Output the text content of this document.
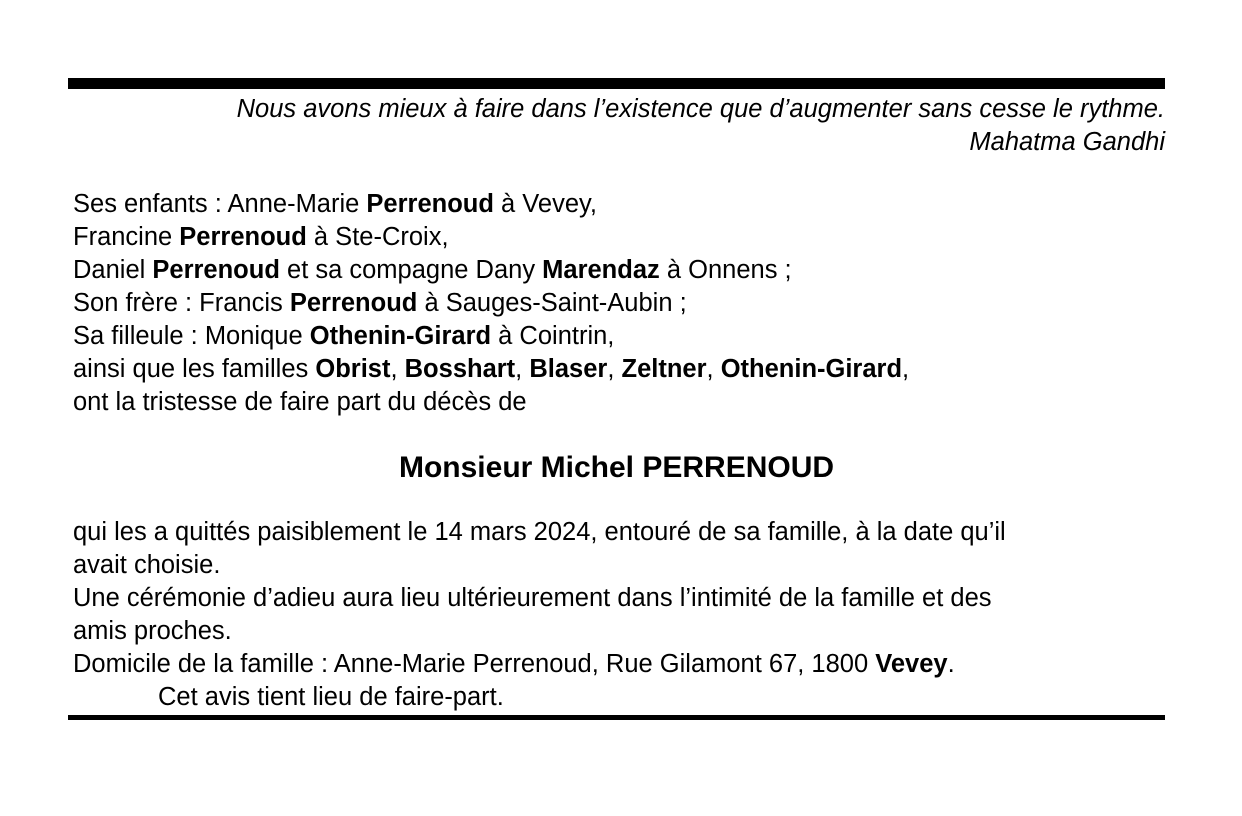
Nous avons mieux à faire dans l’existence que d’augmenter sans cesse le rythme.
Mahatma Gandhi
Ses enfants : Anne-Marie Perrenoud à Vevey,
Francine Perrenoud à Ste-Croix,
Daniel Perrenoud et sa compagne Dany Marendaz à Onnens ;
Son frère : Francis Perrenoud à Sauges-Saint-Aubin ;
Sa filleule : Monique Othenin-Girard à Cointrin,
ainsi que les familles Obrist, Bosshart, Blaser, Zeltner, Othenin-Girard,
ont la tristesse de faire part du décès de
Monsieur Michel PERRENOUD
qui les a quittés paisiblement le 14 mars 2024, entouré de sa famille, à la date qu’il
avait choisie.
Une cérémonie d’adieu aura lieu ultérieurement dans l’intimité de la famille et des
amis proches.
Domicile de la famille : Anne-Marie Perrenoud, Rue Gilamont 67, 1800 Vevey.
Cet avis tient lieu de faire-part.
